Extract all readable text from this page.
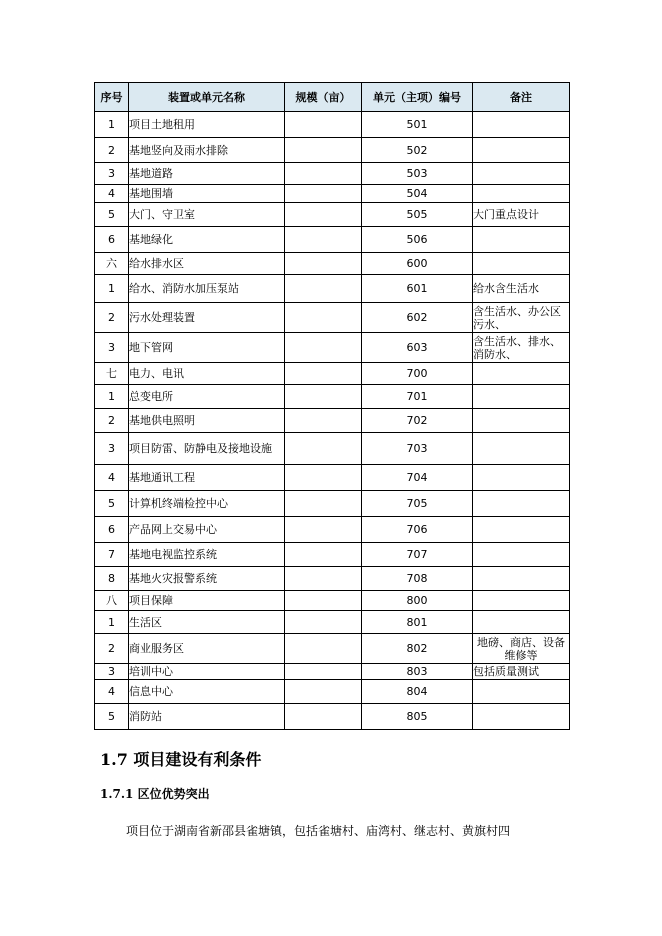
序号	装置或单元名称	规模（亩）	单元（主项）编号	备注
1	项目土地租用		501	
2	基地竖向及雨水排除		502	
3	基地道路		503	
4	基地围墙		504	
5	大门、守卫室		505	大门重点设计
6	基地绿化		506	
六	给水排水区		600	
1	给水、消防水加压泵站		601	给水含生活水
2	污水处理装置		602	含生活水、办公区污水、
3	地下管网		603	含生活水、排水、消防水、
七	电力、电讯		700	
1	总变电所		701	
2	基地供电照明		702	
3	项目防雷、防静电及接地设施		703	
4	基地通讯工程		704	
5	计算机终端检控中心		705	
6	产品网上交易中心		706	
7	基地电视监控系统		707	
8	基地火灾报警系统		708	
八	项目保障		800	
1	生活区		801	
2	商业服务区		802	地磅、商店、设备维修等
3	培训中心		803	包括质量测试
4	信息中心		804	
5	消防站		805	
1.7 项目建设有利条件
1.7.1 区位优势突出
项目位于湖南省新邵县雀塘镇，包括雀塘村、庙湾村、继志村、黄旗村四
